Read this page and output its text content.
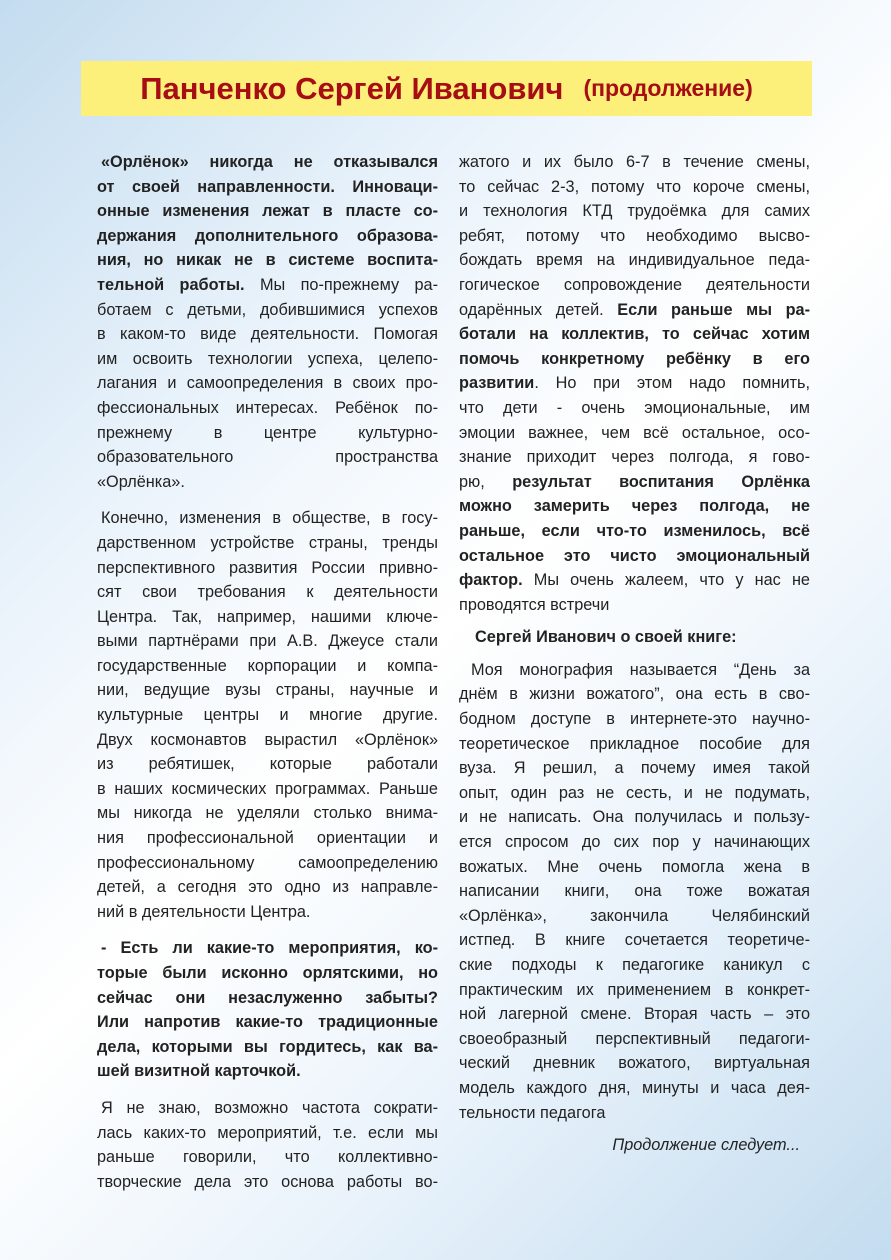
Панченко Сергей Иванович (продолжение)
«Орлёнок» никогда не отказывался
от своей направленности. Инноваци-
онные изменения лежат в пласте со-
держания дополнительного образова-
ния, но никак не в системе воспита-
тельной работы. Мы по-прежнему ра-
ботаем с детьми, добившимися успехов
в каком-то виде деятельности. Помогая
им освоить технологии успеха, целепо-
лагания и самоопределения в своих про-
фессиональных интересах. Ребёнок по-
прежнему в центре культурно-
образовательного пространства
«Орлёнка».
Конечно, изменения в обществе, в госу-
дарственном устройстве страны, тренды
перспективного развития России привно-
сят свои требования к деятельности
Центра. Так, например, нашими ключе-
выми партнёрами при А.В. Джеусе стали
государственные корпорации и компа-
нии, ведущие вузы страны, научные и
культурные центры и многие другие.
Двух космонавтов вырастил «Орлёнок»
из ребятишек, которые работали
в наших космических программах. Раньше
мы никогда не уделяли столько внима-
ния профессиональной ориентации и
профессиональному самоопределению
детей, а сегодня это одно из направле-
ний в деятельности Центра.
- Есть ли какие-то мероприятия, ко-
торые были исконно орлятскими, но
сейчас они незаслуженно забыты?
Или напротив какие-то традиционные
дела, которыми вы гордитесь, как ва-
шей визитной карточкой.
Я не знаю, возможно частота сократи-
лась каких-то мероприятий, т.е. если мы
раньше говорили, что коллективно-
творческие дела это основа работы во-
жатого и их было 6-7 в течение смены,
то сейчас 2-3, потому что короче смены,
и технология КТД трудоёмка для самих
ребят, потому что необходимо высво-
бождать время на индивидуальное педа-
гогическое сопровождение деятельности
одарённых детей. Если раньше мы ра-
ботали на коллектив, то сейчас хотим
помочь конкретному ребёнку в его
развитии. Но при этом надо помнить,
что дети - очень эмоциональные, им
эмоции важнее, чем всё остальное, осо-
знание приходит через полгода, я гово-
рю, результат воспитания Орлёнка
можно замерить через полгода, не
раньше, если что-то изменилось, всё
остальное это чисто эмоциональный
фактор. Мы очень жалеем, что у нас не
проводятся встречи
Сергей Иванович о своей книге:
Моя монография называется “День за
днём в жизни вожатого”, она есть в сво-
бодном доступе в интернете-это научно-
теоретическое прикладное пособие для
вуза. Я решил, а почему имея такой
опыт, один раз не сесть, и не подумать,
и не написать. Она получилась и пользу-
ется спросом до сих пор у начинающих
вожатых. Мне очень помогла жена в
написании книги, она тоже вожатая
«Орлёнка», закончила Челябинский
истпед. В книге сочетается теоретиче-
ские подходы к педагогике каникул с
практическим их применением в конкрет-
ной лагерной смене. Вторая часть – это
своеобразный перспективный педагоги-
ческий дневник вожатого, виртуальная
модель каждого дня, минуты и часа дея-
тельности педагога
Продолжение следует...
